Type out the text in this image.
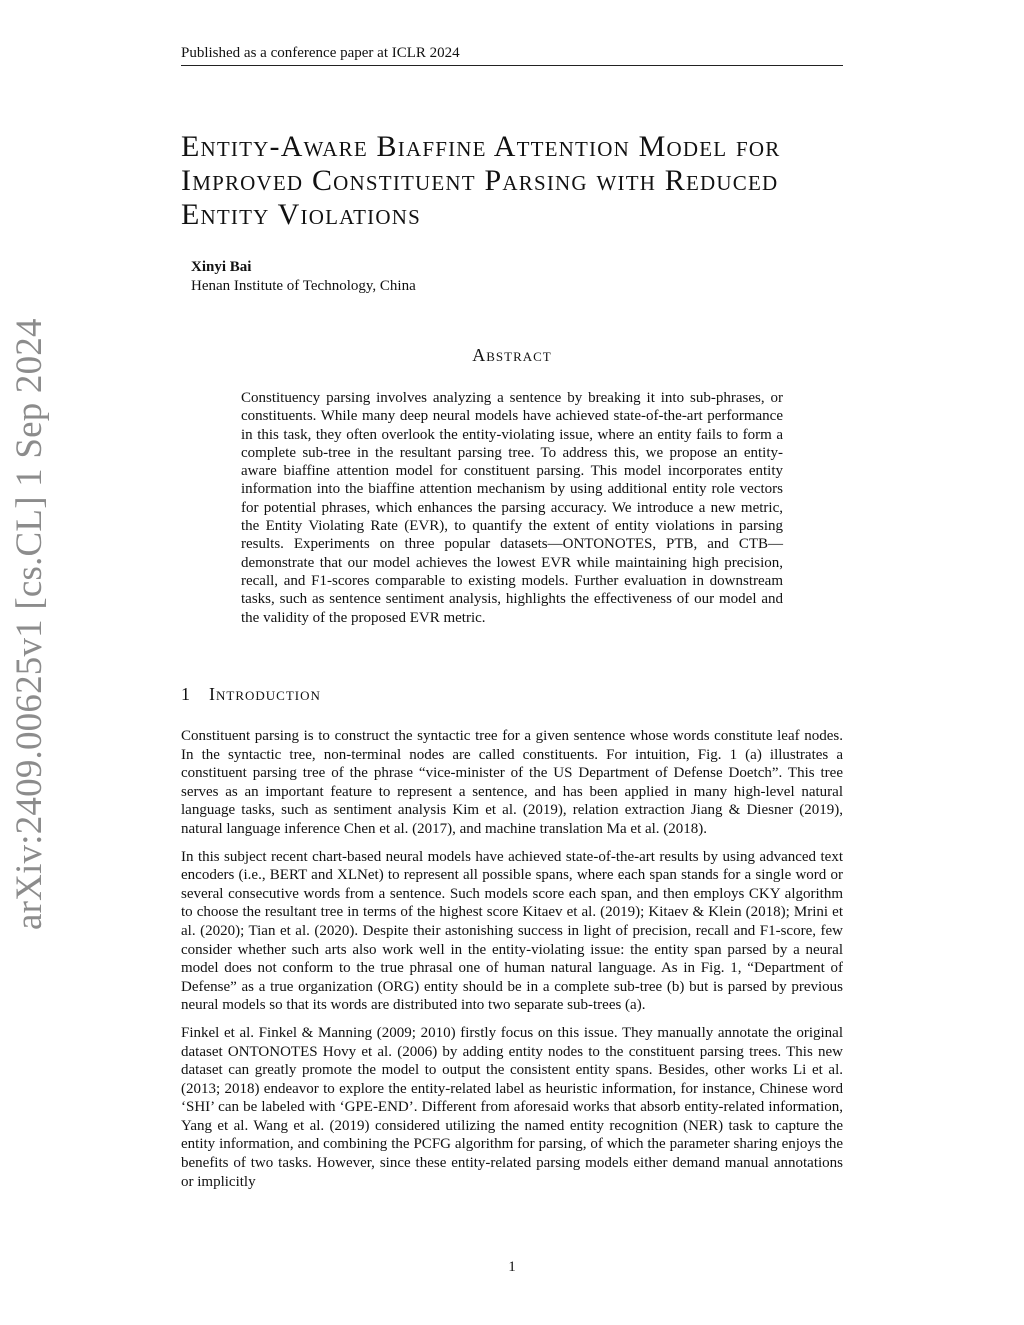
Published as a conference paper at ICLR 2024
arXiv:2409.00625v1 [cs.CL] 1 Sep 2024
Entity-Aware Biaffine Attention Model for Improved Constituent Parsing with Reduced Entity Violations
Xinyi Bai
Henan Institute of Technology, China
Abstract

Constituency parsing involves analyzing a sentence by breaking it into sub-phrases, or constituents. While many deep neural models have achieved state-of-the-art performance in this task, they often overlook the entity-violating issue, where an entity fails to form a complete sub-tree in the resultant parsing tree. To address this, we propose an entity-aware biaffine attention model for constituent parsing. This model incorporates entity information into the biaffine attention mechanism by using additional entity role vectors for potential phrases, which enhances the parsing accuracy. We introduce a new metric, the Entity Violating Rate (EVR), to quantify the extent of entity violations in parsing results. Experiments on three popular datasets—ONTONOTES, PTB, and CTB—demonstrate that our model achieves the lowest EVR while maintaining high precision, recall, and F1-scores comparable to existing models. Further evaluation in downstream tasks, such as sentence sentiment analysis, highlights the effectiveness of our model and the validity of the proposed EVR metric.

1 Introduction

Constituent parsing is to construct the syntactic tree for a given sentence whose words constitute leaf nodes. In the syntactic tree, non-terminal nodes are called constituents. For intuition, Fig. 1 (a) illustrates a constituent parsing tree of the phrase “vice-minister of the US Department of Defense Doetch”. This tree serves as an important feature to represent a sentence, and has been applied in many high-level natural language tasks, such as sentiment analysis Kim et al. (2019), relation extraction Jiang & Diesner (2019), natural language inference Chen et al. (2017), and machine translation Ma et al. (2018).

In this subject recent chart-based neural models have achieved state-of-the-art results by using advanced text encoders (i.e., BERT and XLNet) to represent all possible spans, where each span stands for a single word or several consecutive words from a sentence. Such models score each span, and then employs CKY algorithm to choose the resultant tree in terms of the highest score Kitaev et al. (2019); Kitaev & Klein (2018); Mrini et al. (2020); Tian et al. (2020). Despite their astonishing success in light of precision, recall and F1-score, few consider whether such arts also work well in the entity-violating issue: the entity span parsed by a neural model does not conform to the true phrasal one of human natural language. As in Fig. 1, “Department of Defense” as a true organization (ORG) entity should be in a complete sub-tree (b) but is parsed by previous neural models so that its words are distributed into two separate sub-trees (a).

Finkel et al. Finkel & Manning (2009; 2010) firstly focus on this issue. They manually annotate the original dataset ONTONOTES Hovy et al. (2006) by adding entity nodes to the constituent parsing trees. This new dataset can greatly promote the model to output the consistent entity spans. Besides, other works Li et al. (2013; 2018) endeavor to explore the entity-related label as heuristic information, for instance, Chinese word ‘SHI’ can be labeled with ‘GPE-END’. Different from aforesaid works that absorb entity-related information, Yang et al. Wang et al. (2019) considered utilizing the named entity recognition (NER) task to capture the entity information, and combining the PCFG algorithm for parsing, of which the parameter sharing enjoys the benefits of two tasks. However, since these entity-related parsing models either demand manual annotations or implicitly

1
